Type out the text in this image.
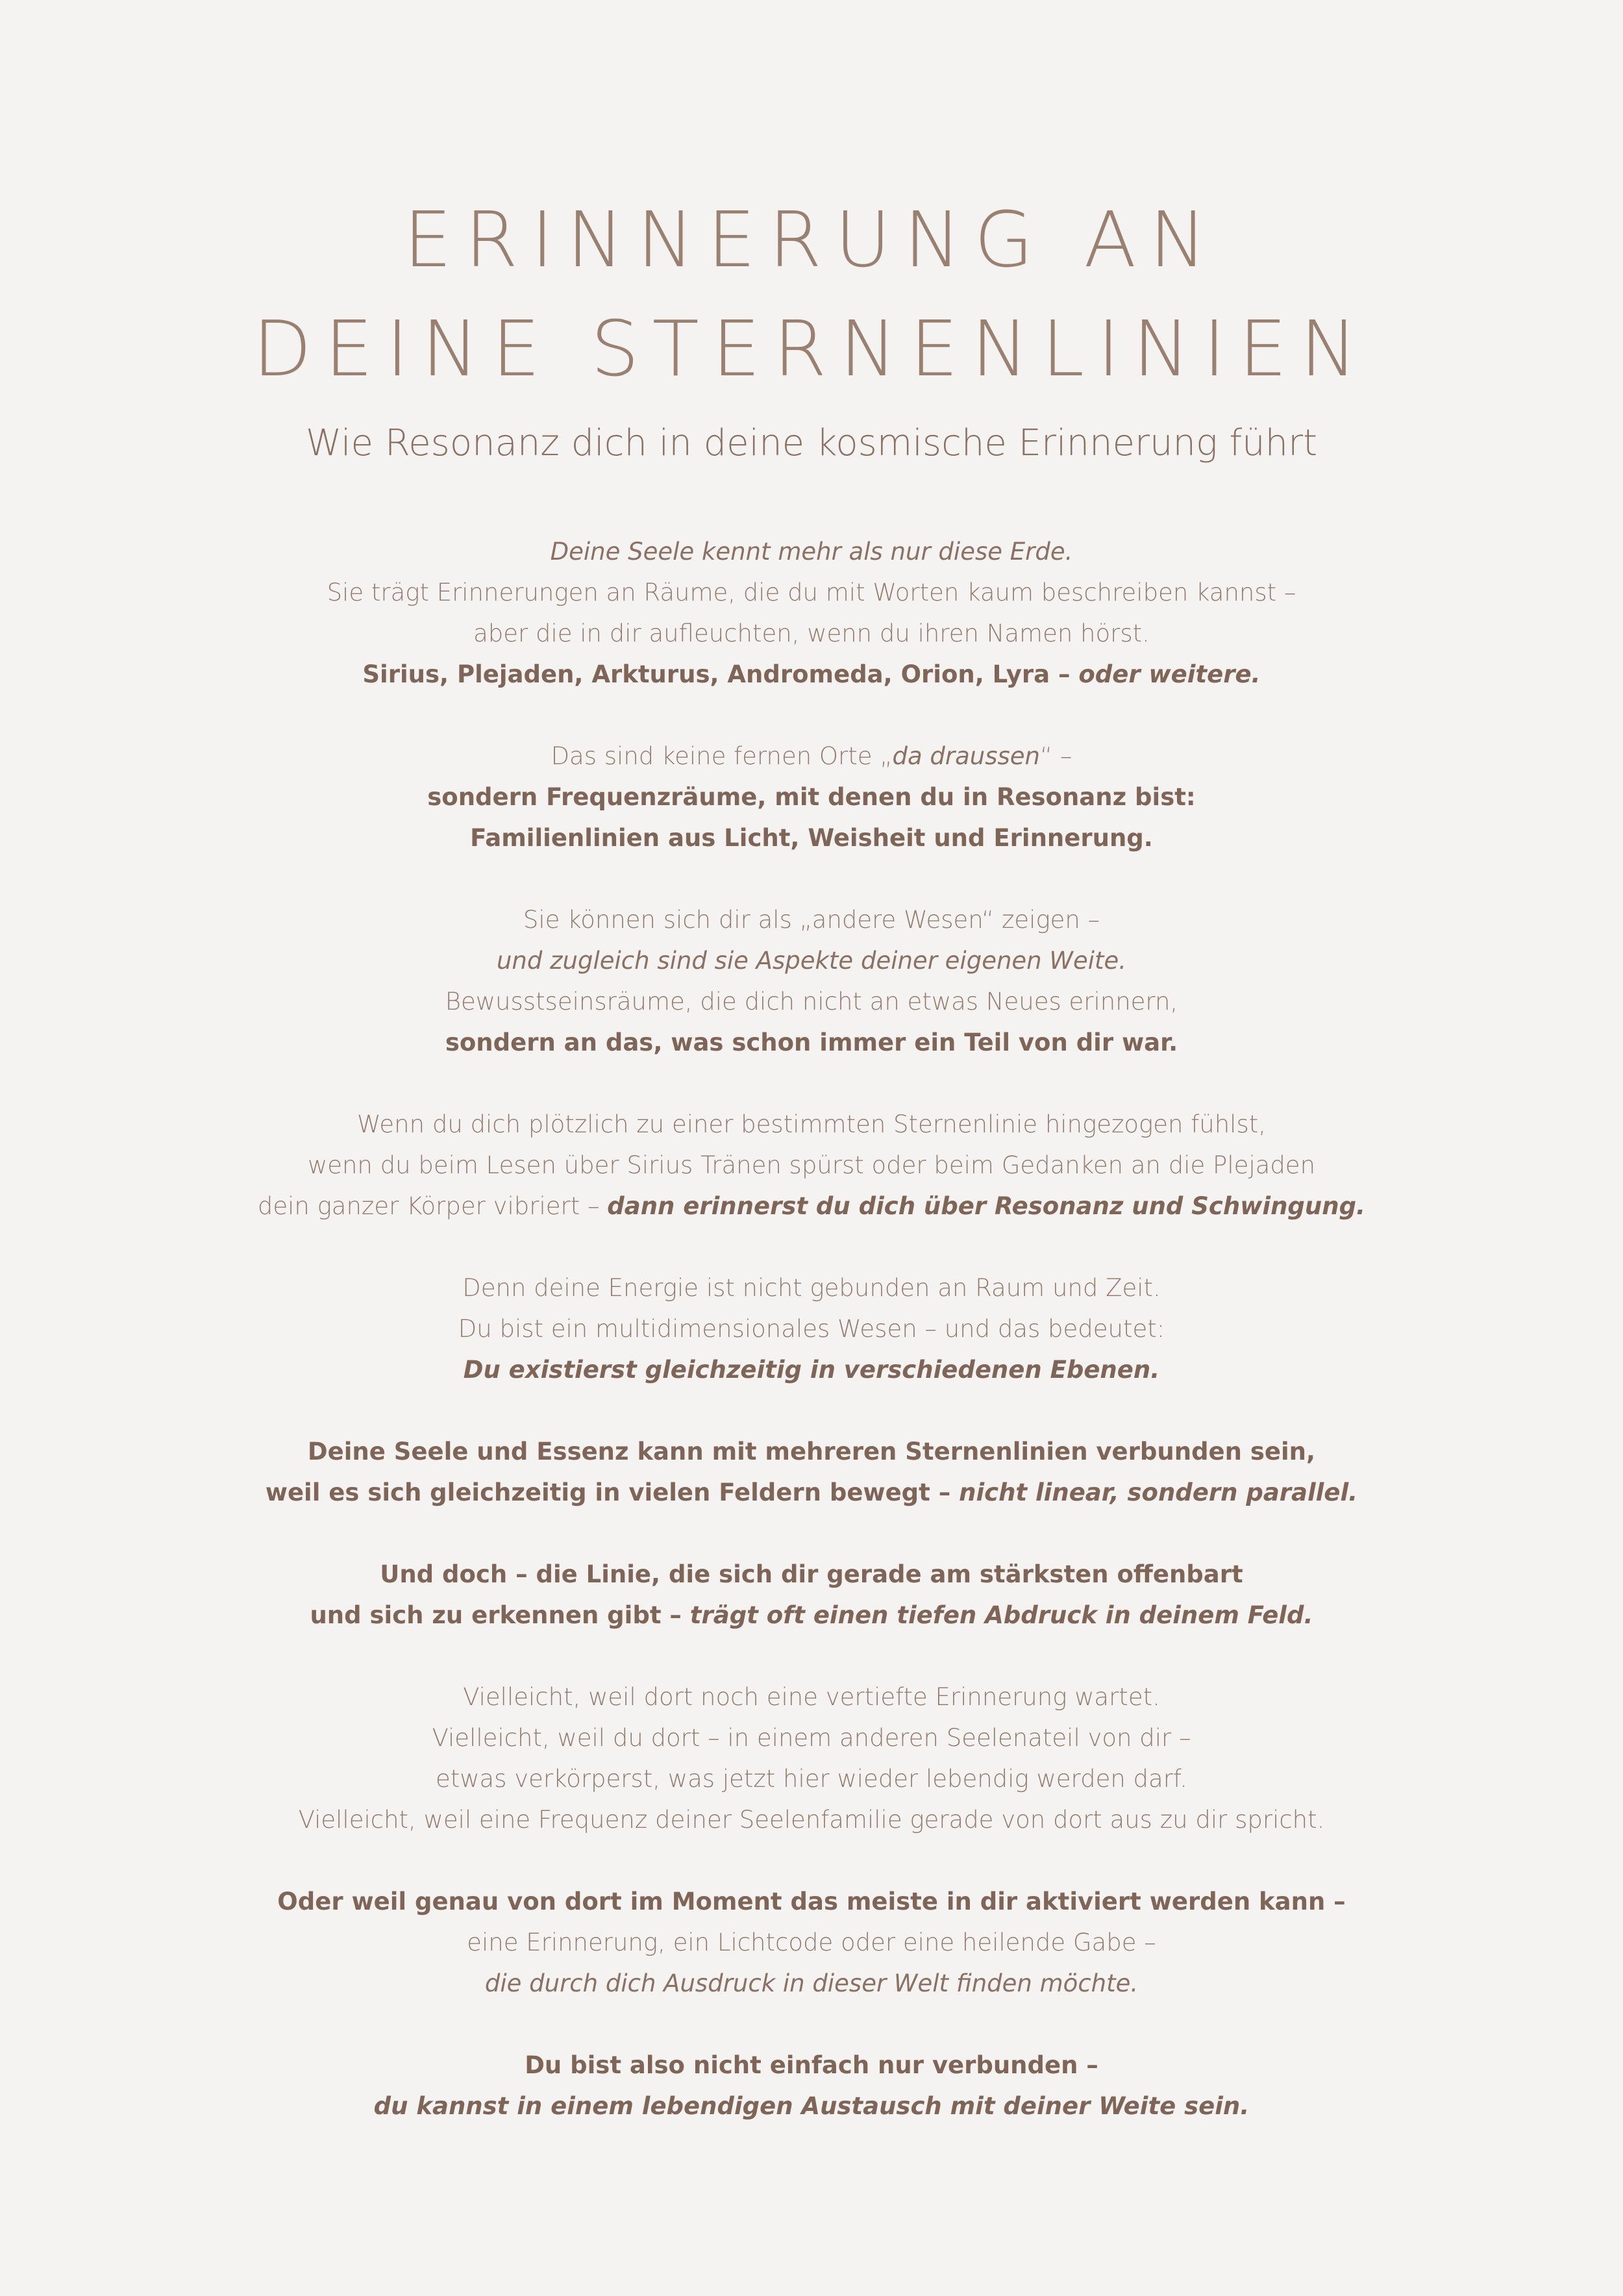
ERINNERUNG AN
DEINE STERNENLINIEN
Wie Resonanz dich in deine kosmische Erinnerung führt
Deine Seele kennt mehr als nur diese Erde.
Sie trägt Erinnerungen an Räume, die du mit Worten kaum beschreiben kannst –
aber die in dir aufleuchten, wenn du ihren Namen hörst.
Sirius, Plejaden, Arkturus, Andromeda, Orion, Lyra – oder weitere.
Das sind keine fernen Orte „da draussen“ –
sondern Frequenzräume, mit denen du in Resonanz bist:
Familienlinien aus Licht, Weisheit und Erinnerung.
Sie können sich dir als „andere Wesen“ zeigen –
und zugleich sind sie Aspekte deiner eigenen Weite.
Bewusstseinsräume, die dich nicht an etwas Neues erinnern,
sondern an das, was schon immer ein Teil von dir war.
Wenn du dich plötzlich zu einer bestimmten Sternenlinie hingezogen fühlst,
wenn du beim Lesen über Sirius Tränen spürst oder beim Gedanken an die Plejaden
dein ganzer Körper vibriert – dann erinnerst du dich über Resonanz und Schwingung.
Denn deine Energie ist nicht gebunden an Raum und Zeit.
Du bist ein multidimensionales Wesen – und das bedeutet:
Du existierst gleichzeitig in verschiedenen Ebenen.
Deine Seele und Essenz kann mit mehreren Sternenlinien verbunden sein,
weil es sich gleichzeitig in vielen Feldern bewegt – nicht linear, sondern parallel.
Und doch – die Linie, die sich dir gerade am stärksten offenbart
und sich zu erkennen gibt – trägt oft einen tiefen Abdruck in deinem Feld.
Vielleicht, weil dort noch eine vertiefte Erinnerung wartet.
Vielleicht, weil du dort – in einem anderen Seelenateil von dir –
etwas verkörperst, was jetzt hier wieder lebendig werden darf.
Vielleicht, weil eine Frequenz deiner Seelenfamilie gerade von dort aus zu dir spricht.
Oder weil genau von dort im Moment das meiste in dir aktiviert werden kann –
eine Erinnerung, ein Lichtcode oder eine heilende Gabe –
die durch dich Ausdruck in dieser Welt finden möchte.
Du bist also nicht einfach nur verbunden –
du kannst in einem lebendigen Austausch mit deiner Weite sein.
